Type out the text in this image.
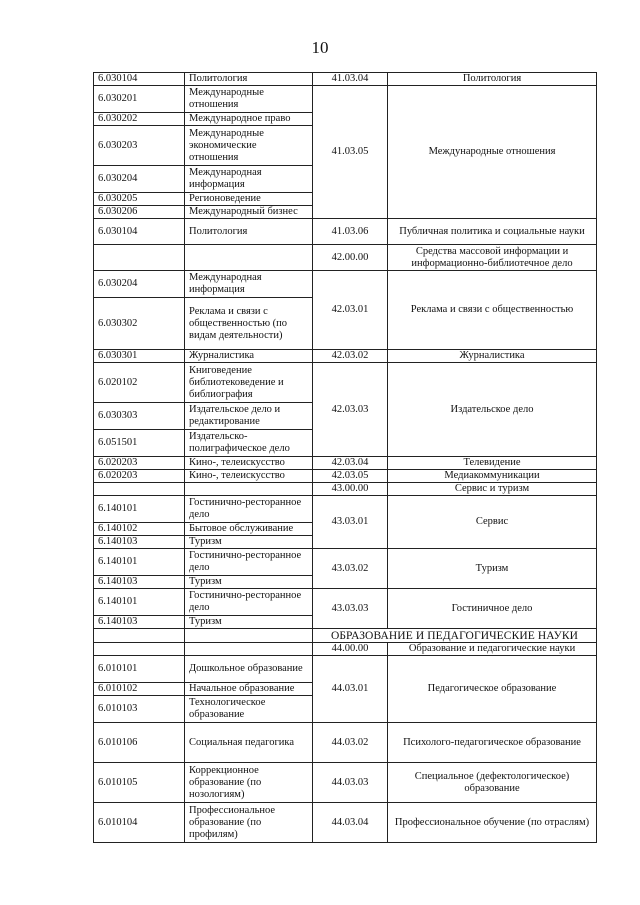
10
6.030104	Политология	41.03.04	Политология
6.030201	Международные отношения	41.03.05	Международные отношения
6.030202	Международное право		
6.030203	Международные экономические отношения		
6.030204	Международная информация		
6.030205	Регионоведение		
6.030206	Международный бизнес		
6.030104	Политология	41.03.06	Публичная политика и социальные науки
		42.00.00	Средства массовой информации и информационно-библиотечное дело
6.030204	Международная информация	42.03.01	Реклама и связи с общественностью
6.030302	Реклама и связи с общественностью (по видам деятельности)		
6.030301	Журналистика	42.03.02	Журналистика
6.020102	Книговедение библиотековедение и библиография	42.03.03	Издательское дело
6.030303	Издательское дело и редактирование		
6.051501	Издательско-полиграфическое дело		
6.020203	Кино-, телеискусство	42.03.04	Телевидение
6.020203	Кино-, телеискусство	42.03.05	Медиакоммуникации
		43.00.00	Сервис и туризм
6.140101	Гостинично-ресторанное дело	43.03.01	Сервис
6.140102	Бытовое обслуживание		
6.140103	Туризм		
6.140101	Гостинично-ресторанное дело	43.03.02	Туризм
6.140103	Туризм		
6.140101	Гостинично-ресторанное дело	43.03.03	Гостиничное дело
6.140103	Туризм		
		ОБРАЗОВАНИЕ И ПЕДАГОГИЧЕСКИЕ НАУКИ	
		44.00.00	Образование и педагогические науки
6.010101	Дошкольное образование	44.03.01	Педагогическое образование
6.010102	Начальное образование		
6.010103	Технологическое образование		
6.010106	Социальная педагогика	44.03.02	Психолого-педагогическое образование
6.010105	Коррекционное образование (по нозологиям)	44.03.03	Специальное (дефектологическое) образование
6.010104	Профессиональное образование (по профилям)	44.03.04	Профессиональное обучение (по отраслям)
